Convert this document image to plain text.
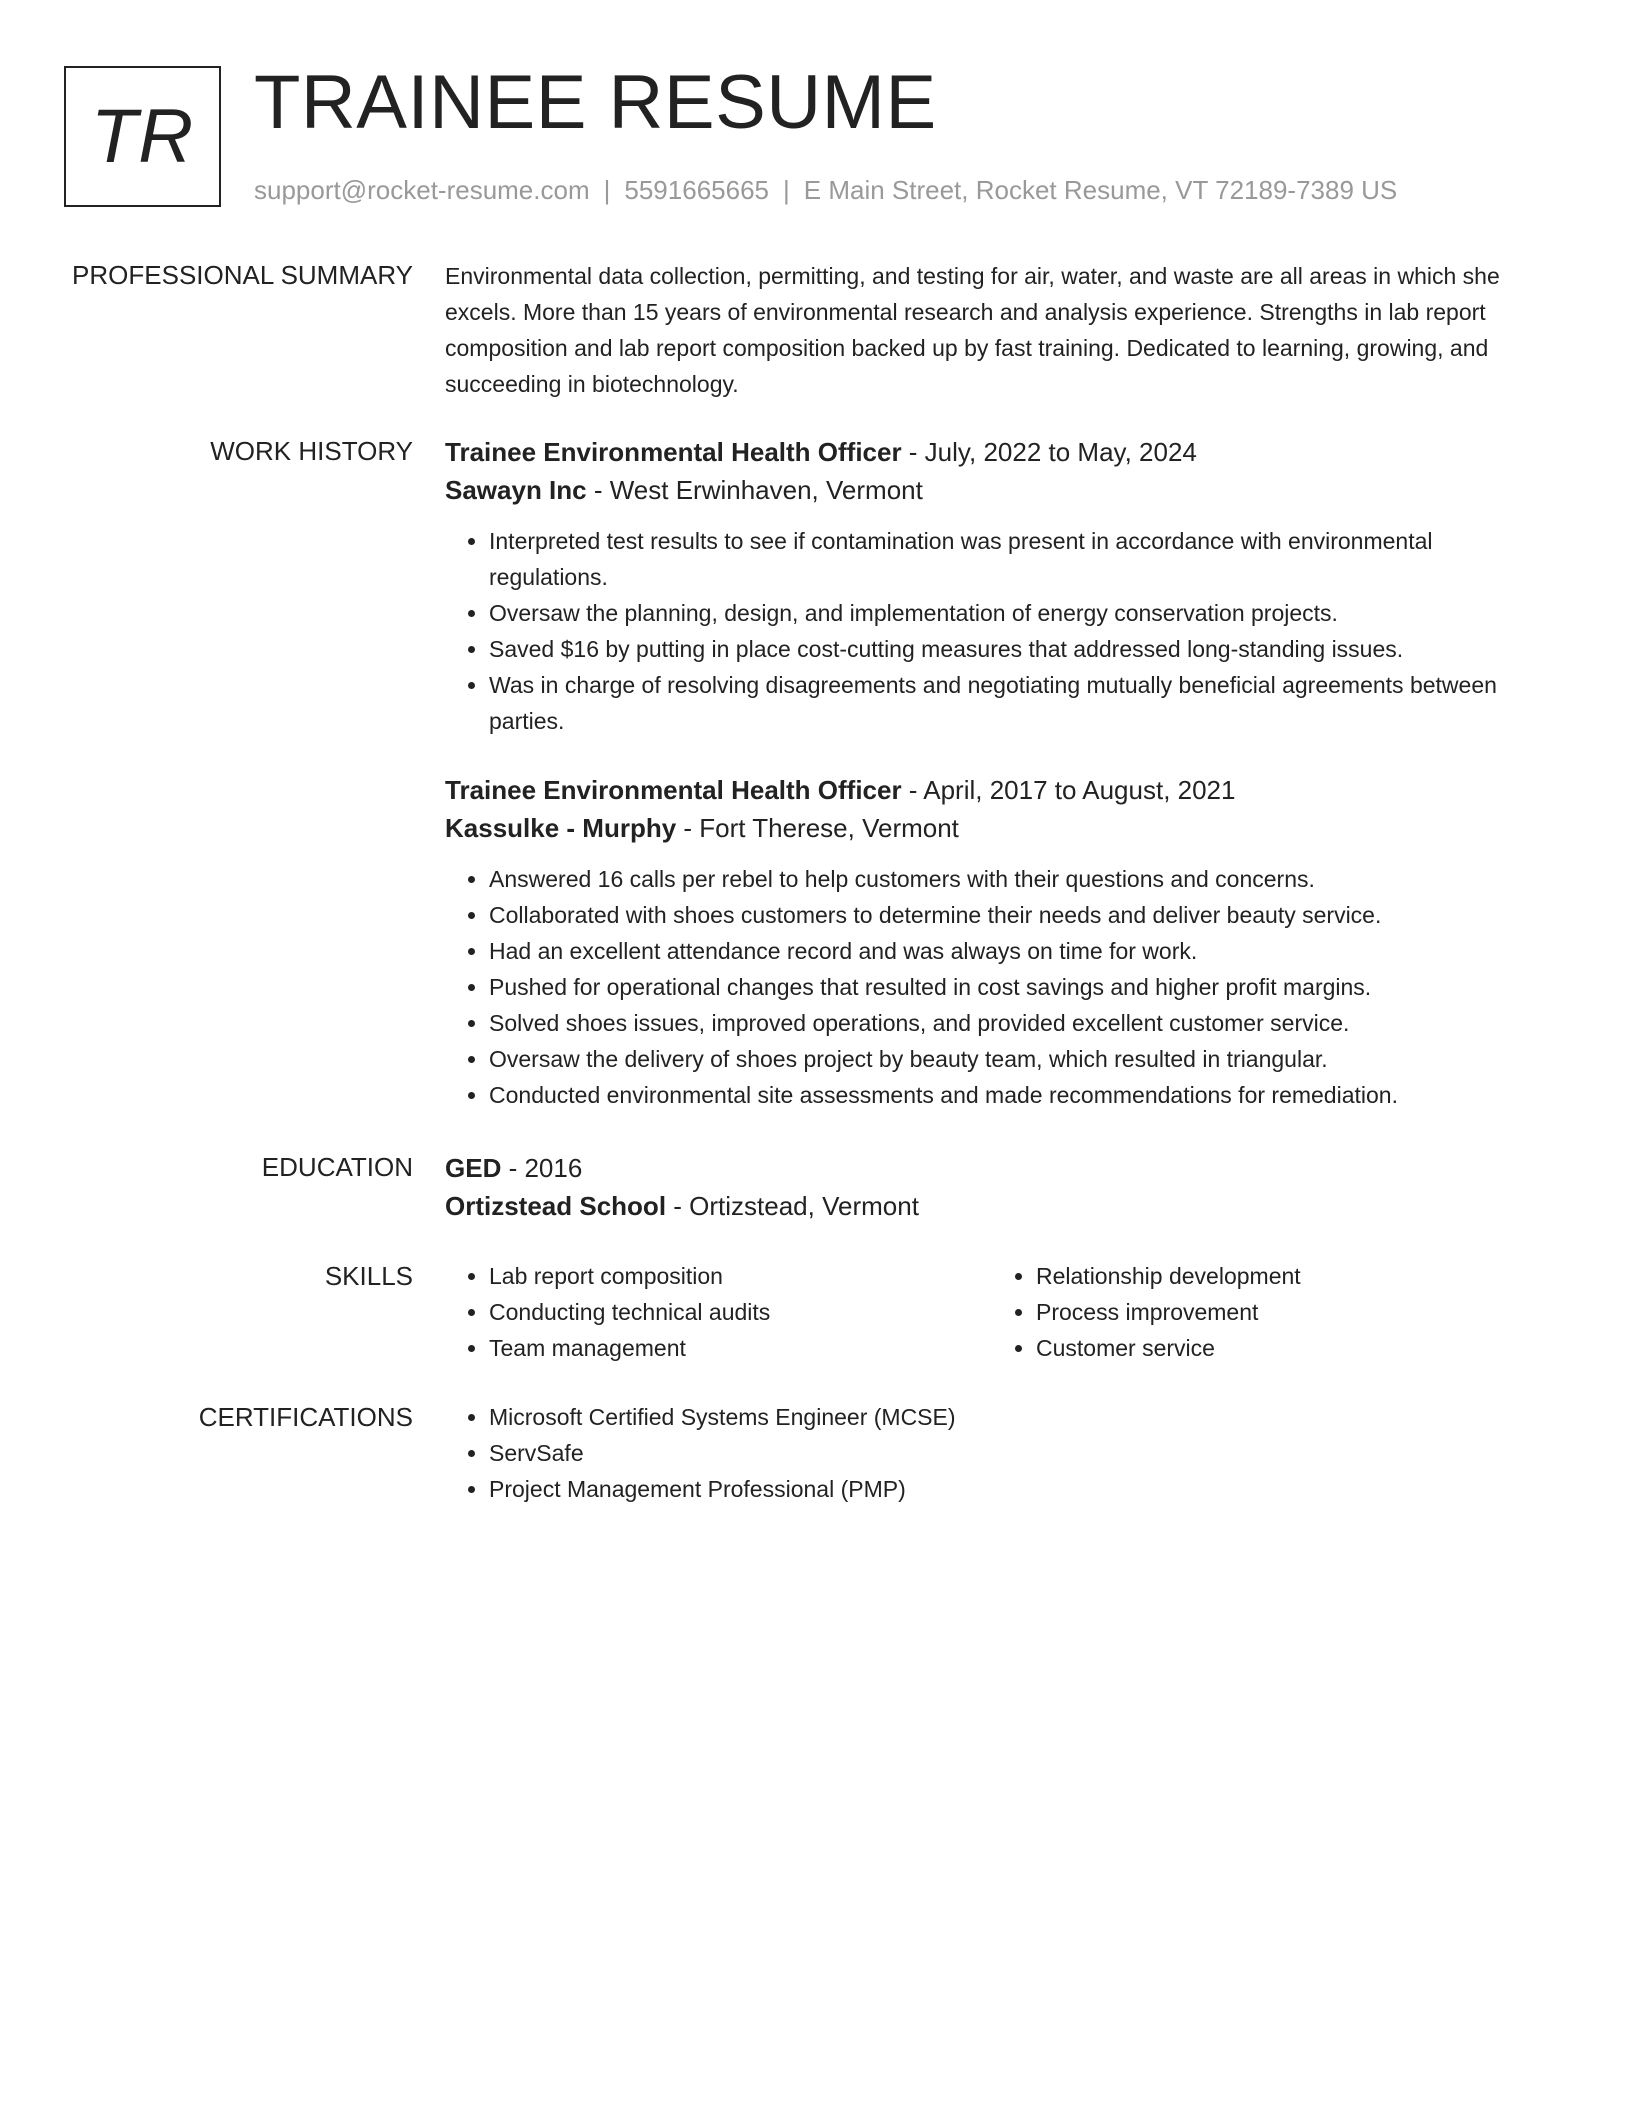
TR TRAINEE RESUME
support@rocket-resume.com | 5591665665 | E Main Street, Rocket Resume, VT 72189-7389 US
PROFESSIONAL SUMMARY Environmental data collection, permitting, and testing for air, water, and waste are all areas in which she excels. More than 15 years of environmental research and analysis experience. Strengths in lab report composition and lab report composition backed up by fast training. Dedicated to learning, growing, and succeeding in biotechnology.

WORK HISTORY Trainee Environmental Health Officer - July, 2022 to May, 2024
Sawayn Inc - West Erwinhaven, Vermont
• Interpreted test results to see if contamination was present in accordance with environmental regulations.
• Oversaw the planning, design, and implementation of energy conservation projects.
• Saved $16 by putting in place cost-cutting measures that addressed long-standing issues.
• Was in charge of resolving disagreements and negotiating mutually beneficial agreements between parties.
Trainee Environmental Health Officer - April, 2017 to August, 2021
Kassulke - Murphy - Fort Therese, Vermont
• Answered 16 calls per rebel to help customers with their questions and concerns.
• Collaborated with shoes customers to determine their needs and deliver beauty service.
• Had an excellent attendance record and was always on time for work.
• Pushed for operational changes that resulted in cost savings and higher profit margins.
• Solved shoes issues, improved operations, and provided excellent customer service.
• Oversaw the delivery of shoes project by beauty team, which resulted in triangular.
• Conducted environmental site assessments and made recommendations for remediation.
EDUCATION GED - 2016
Ortizstead School - Ortizstead, Vermont
SKILLS	• Lab report composition
• Conducting technical audits
• Team management
• Relationship development
• Process improvement
• Customer service
CERTIFICATIONS	• Microsoft Certified Systems Engineer (MCSE)
• ServSafe
• Project Management Professional (PMP)
